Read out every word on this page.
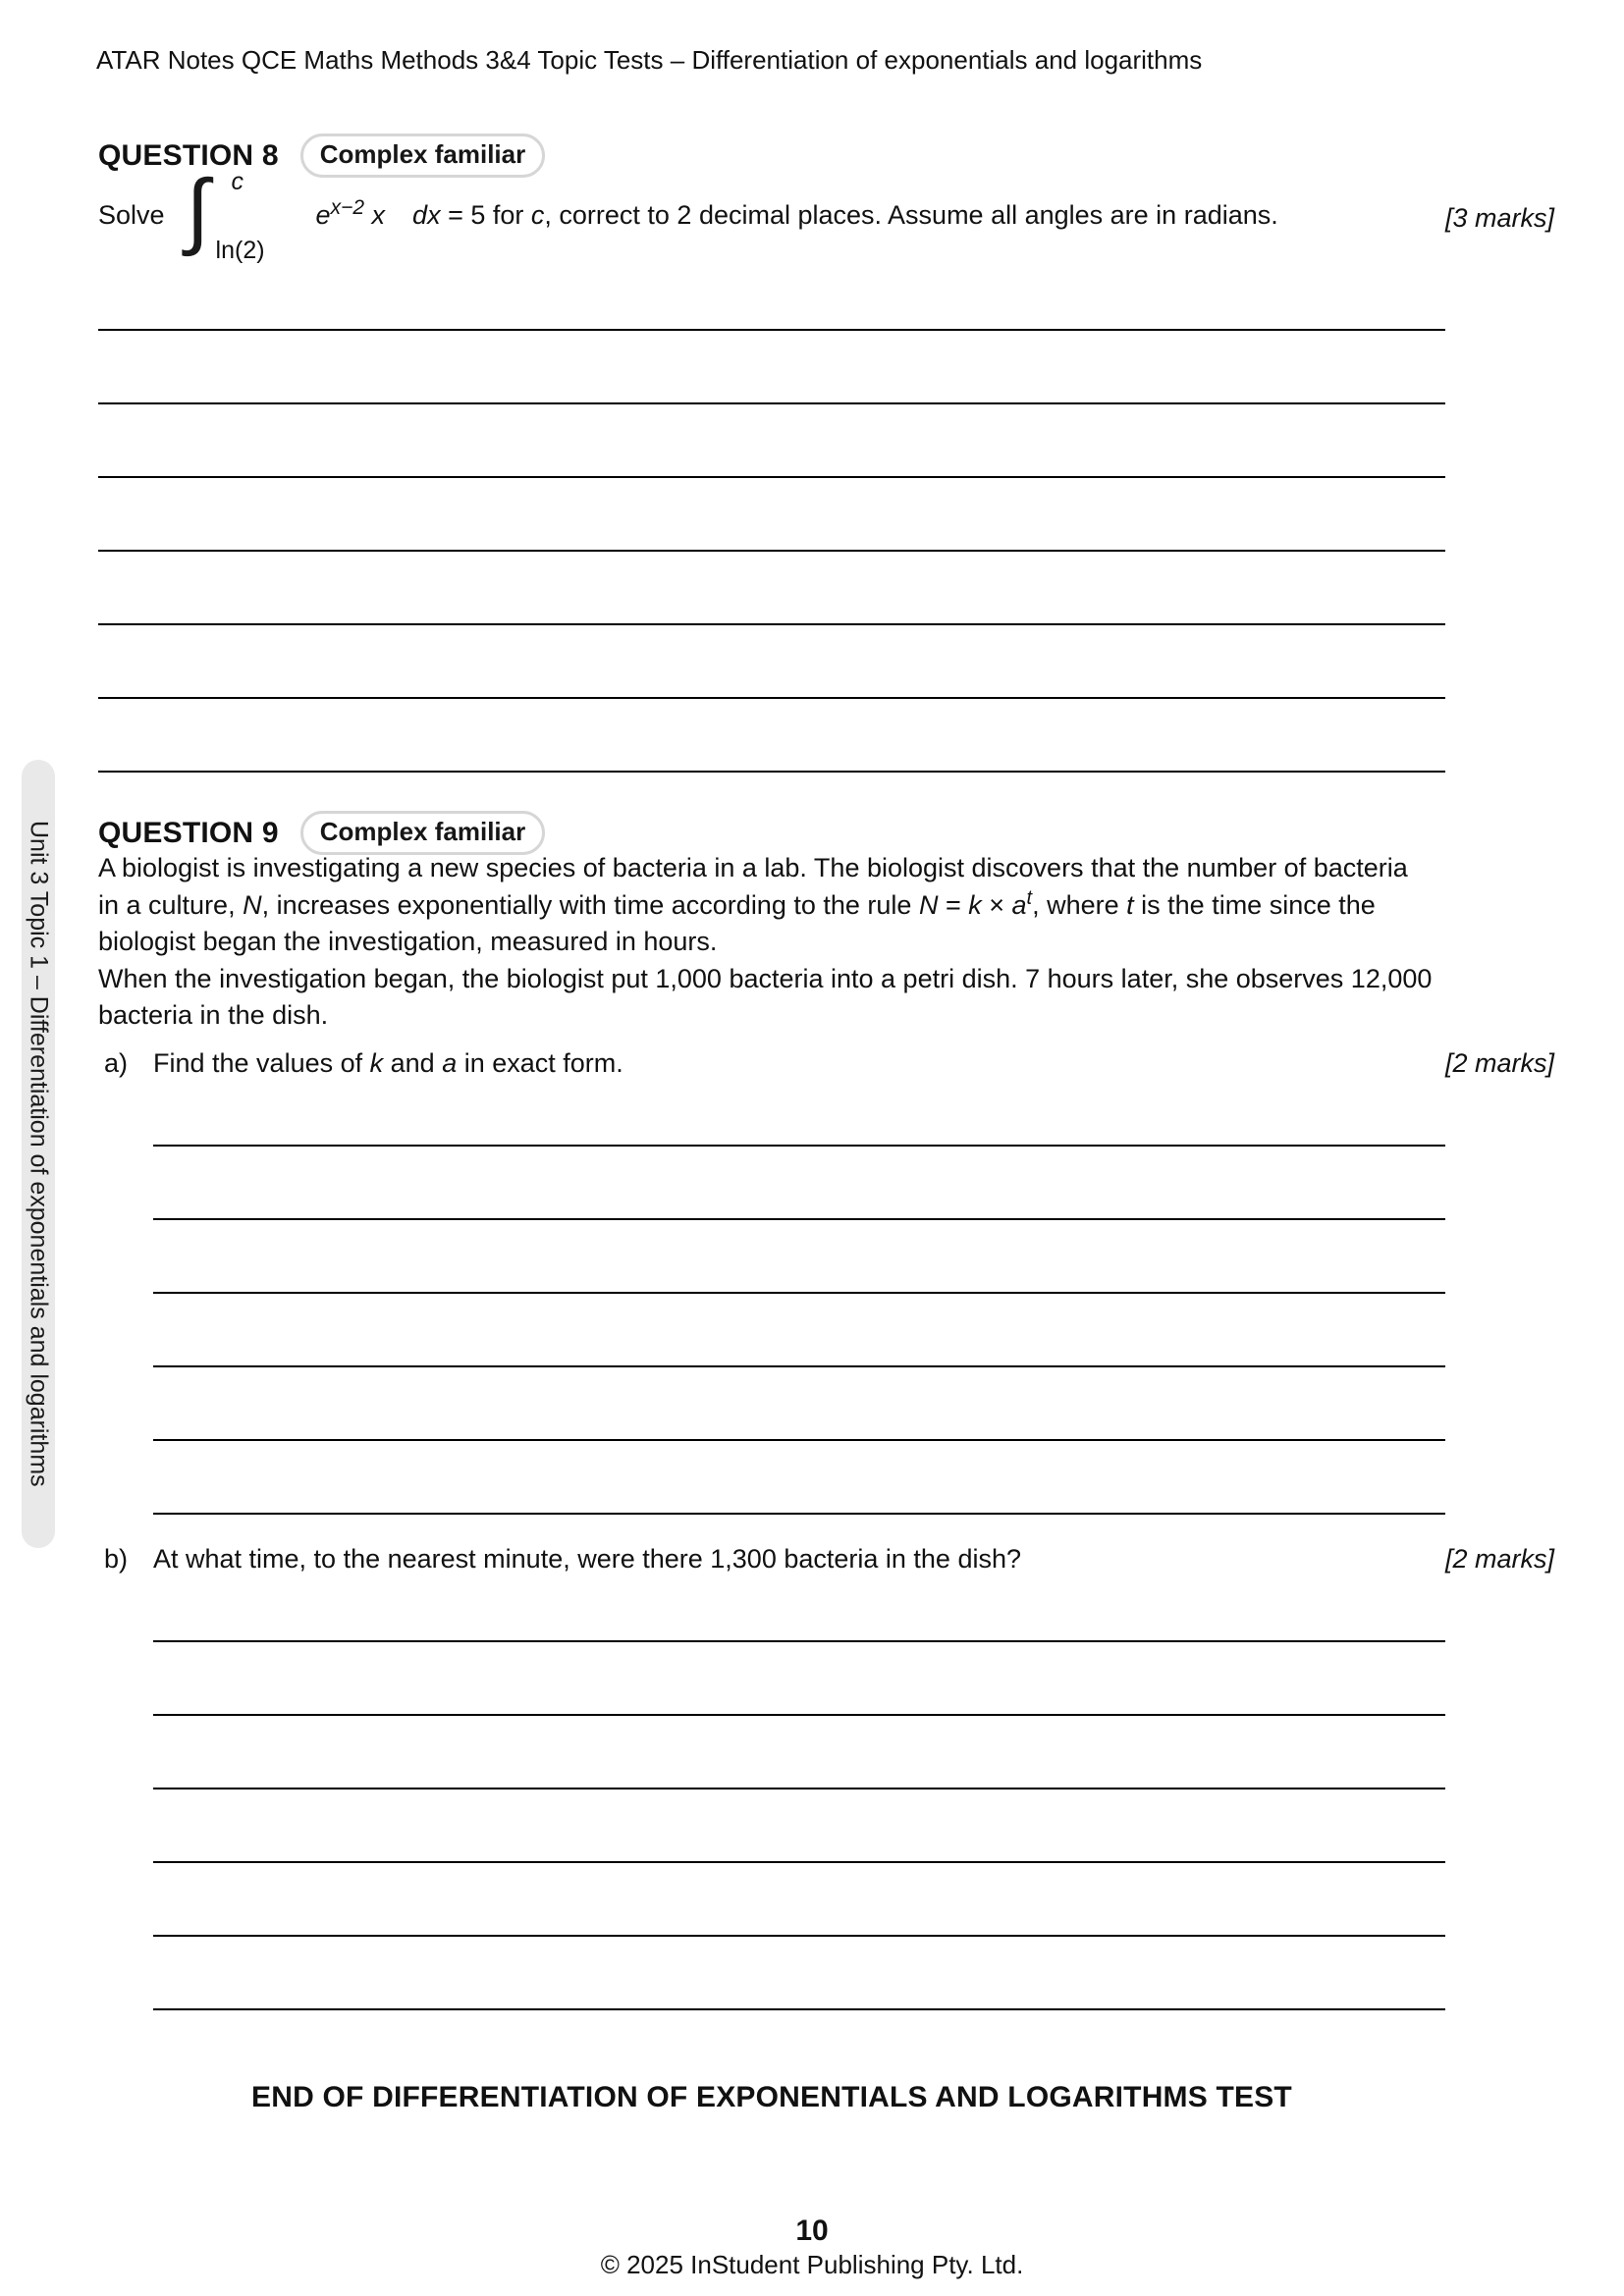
ATAR Notes QCE Maths Methods 3&4 Topic Tests – Differentiation of exponentials and logarithms
Unit 3 Topic 1 – Differentiation of exponentials and logarithms
QUESTION 8	Complex familiar
Solve ∫ c
ln(2)
$e^{x-2}$ x dx = 5 for c, correct to 2 decimal places. Assume all angles are in radians.	[3 marks]
QUESTION 9	Complex familiar
A biologist is investigating a new species of bacteria in a lab. The biologist discovers that the number of bacteria
in a culture, N, increases exponentially with time according to the rule $N = k \times a^t$, where t is the time since the
biologist began the investigation, measured in hours.
When the investigation began, the biologist put 1,000 bacteria into a petri dish. 7 hours later, she observes 12,000
bacteria in the dish.
a) Find the values of k and a in exact form.	[2 marks]
b) At what time, to the nearest minute, were there 1,300 bacteria in the dish?	[2 marks]
END OF DIFFERENTIATION OF EXPONENTIALS AND LOGARITHMS TEST
10
© 2025 InStudent Publishing Pty. Ltd.
